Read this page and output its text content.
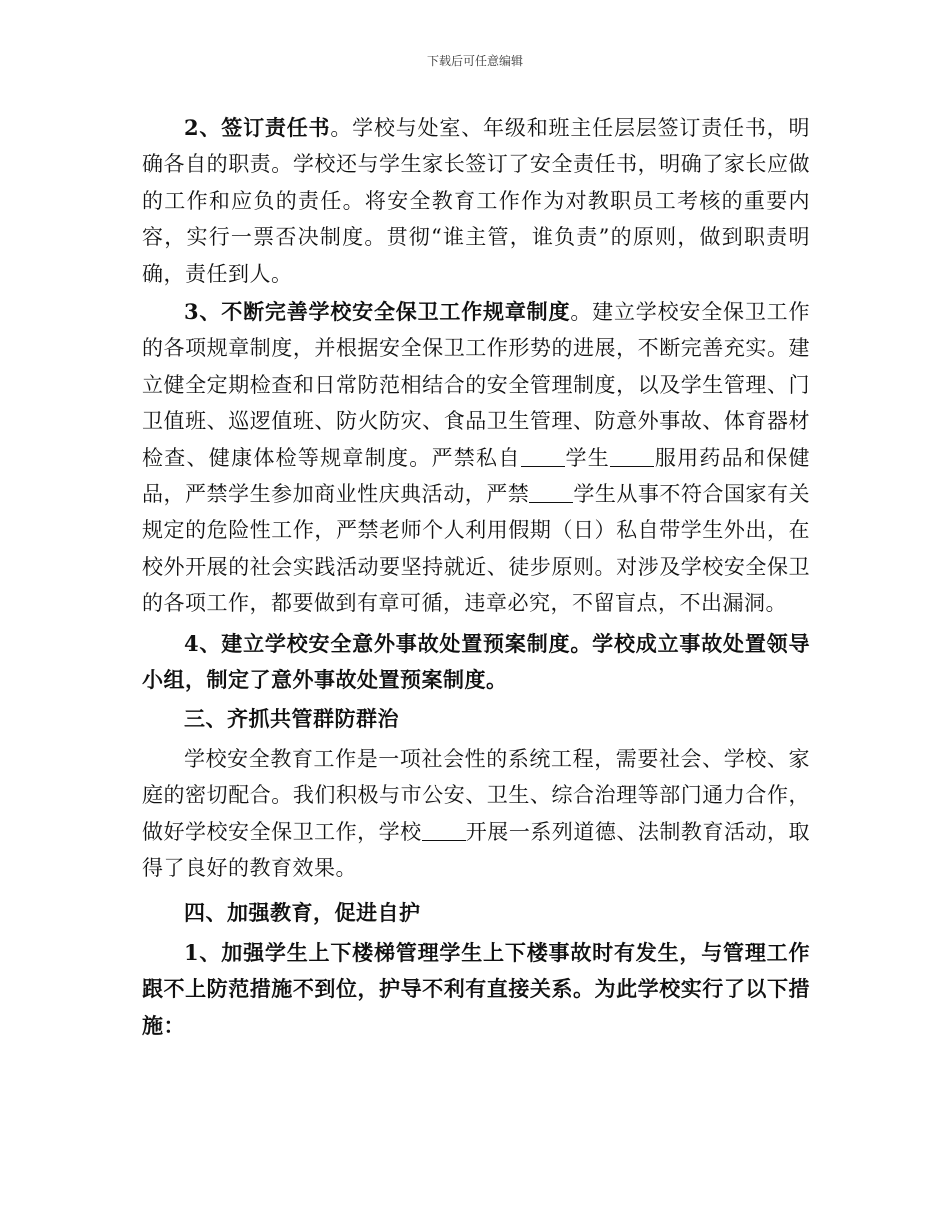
下载后可任意编辑

2、签订责任书。学校与处室、年级和班主任层层签订责任书，明确各自的职责。学校还与学生家长签订了安全责任书，明确了家长应做的工作和应负的责任。将安全教育工作作为对教职员工考核的重要内容，实行一票否决制度。贯彻“谁主管，谁负责”的原则，做到职责明确，责任到人。

3、不断完善学校安全保卫工作规章制度。建立学校安全保卫工作的各项规章制度，并根据安全保卫工作形势的进展，不断完善充实。建立健全定期检查和日常防范相结合的安全管理制度，以及学生管理、门卫值班、巡逻值班、防火防灾、食品卫生管理、防意外事故、体育器材检查、健康体检等规章制度。严禁私自 学生 服用药品和保健品，严禁学生参加商业性庆典活动，严禁 学生从事不符合国家有关规定的危险性工作，严禁老师个人利用假期（日）私自带学生外出，在校外开展的社会实践活动要坚持就近、徒步原则。对涉及学校安全保卫的各项工作，都要做到有章可循，违章必究，不留盲点，不出漏洞。

4、建立学校安全意外事故处置预案制度。学校成立事故处置领导小组，制定了意外事故处置预案制度。

三、齐抓共管群防群治

学校安全教育工作是一项社会性的系统工程，需要社会、学校、家庭的密切配合。我们积极与市公安、卫生、综合治理等部门通力合作，做好学校安全保卫工作，学校 开展一系列道德、法制教育活动，取得了良好的教育效果。

四、加强教育，促进自护

1、加强学生上下楼梯管理学生上下楼事故时有发生，与管理工作跟不上防范措施不到位，护导不利有直接关系。为此学校实行了以下措施：
